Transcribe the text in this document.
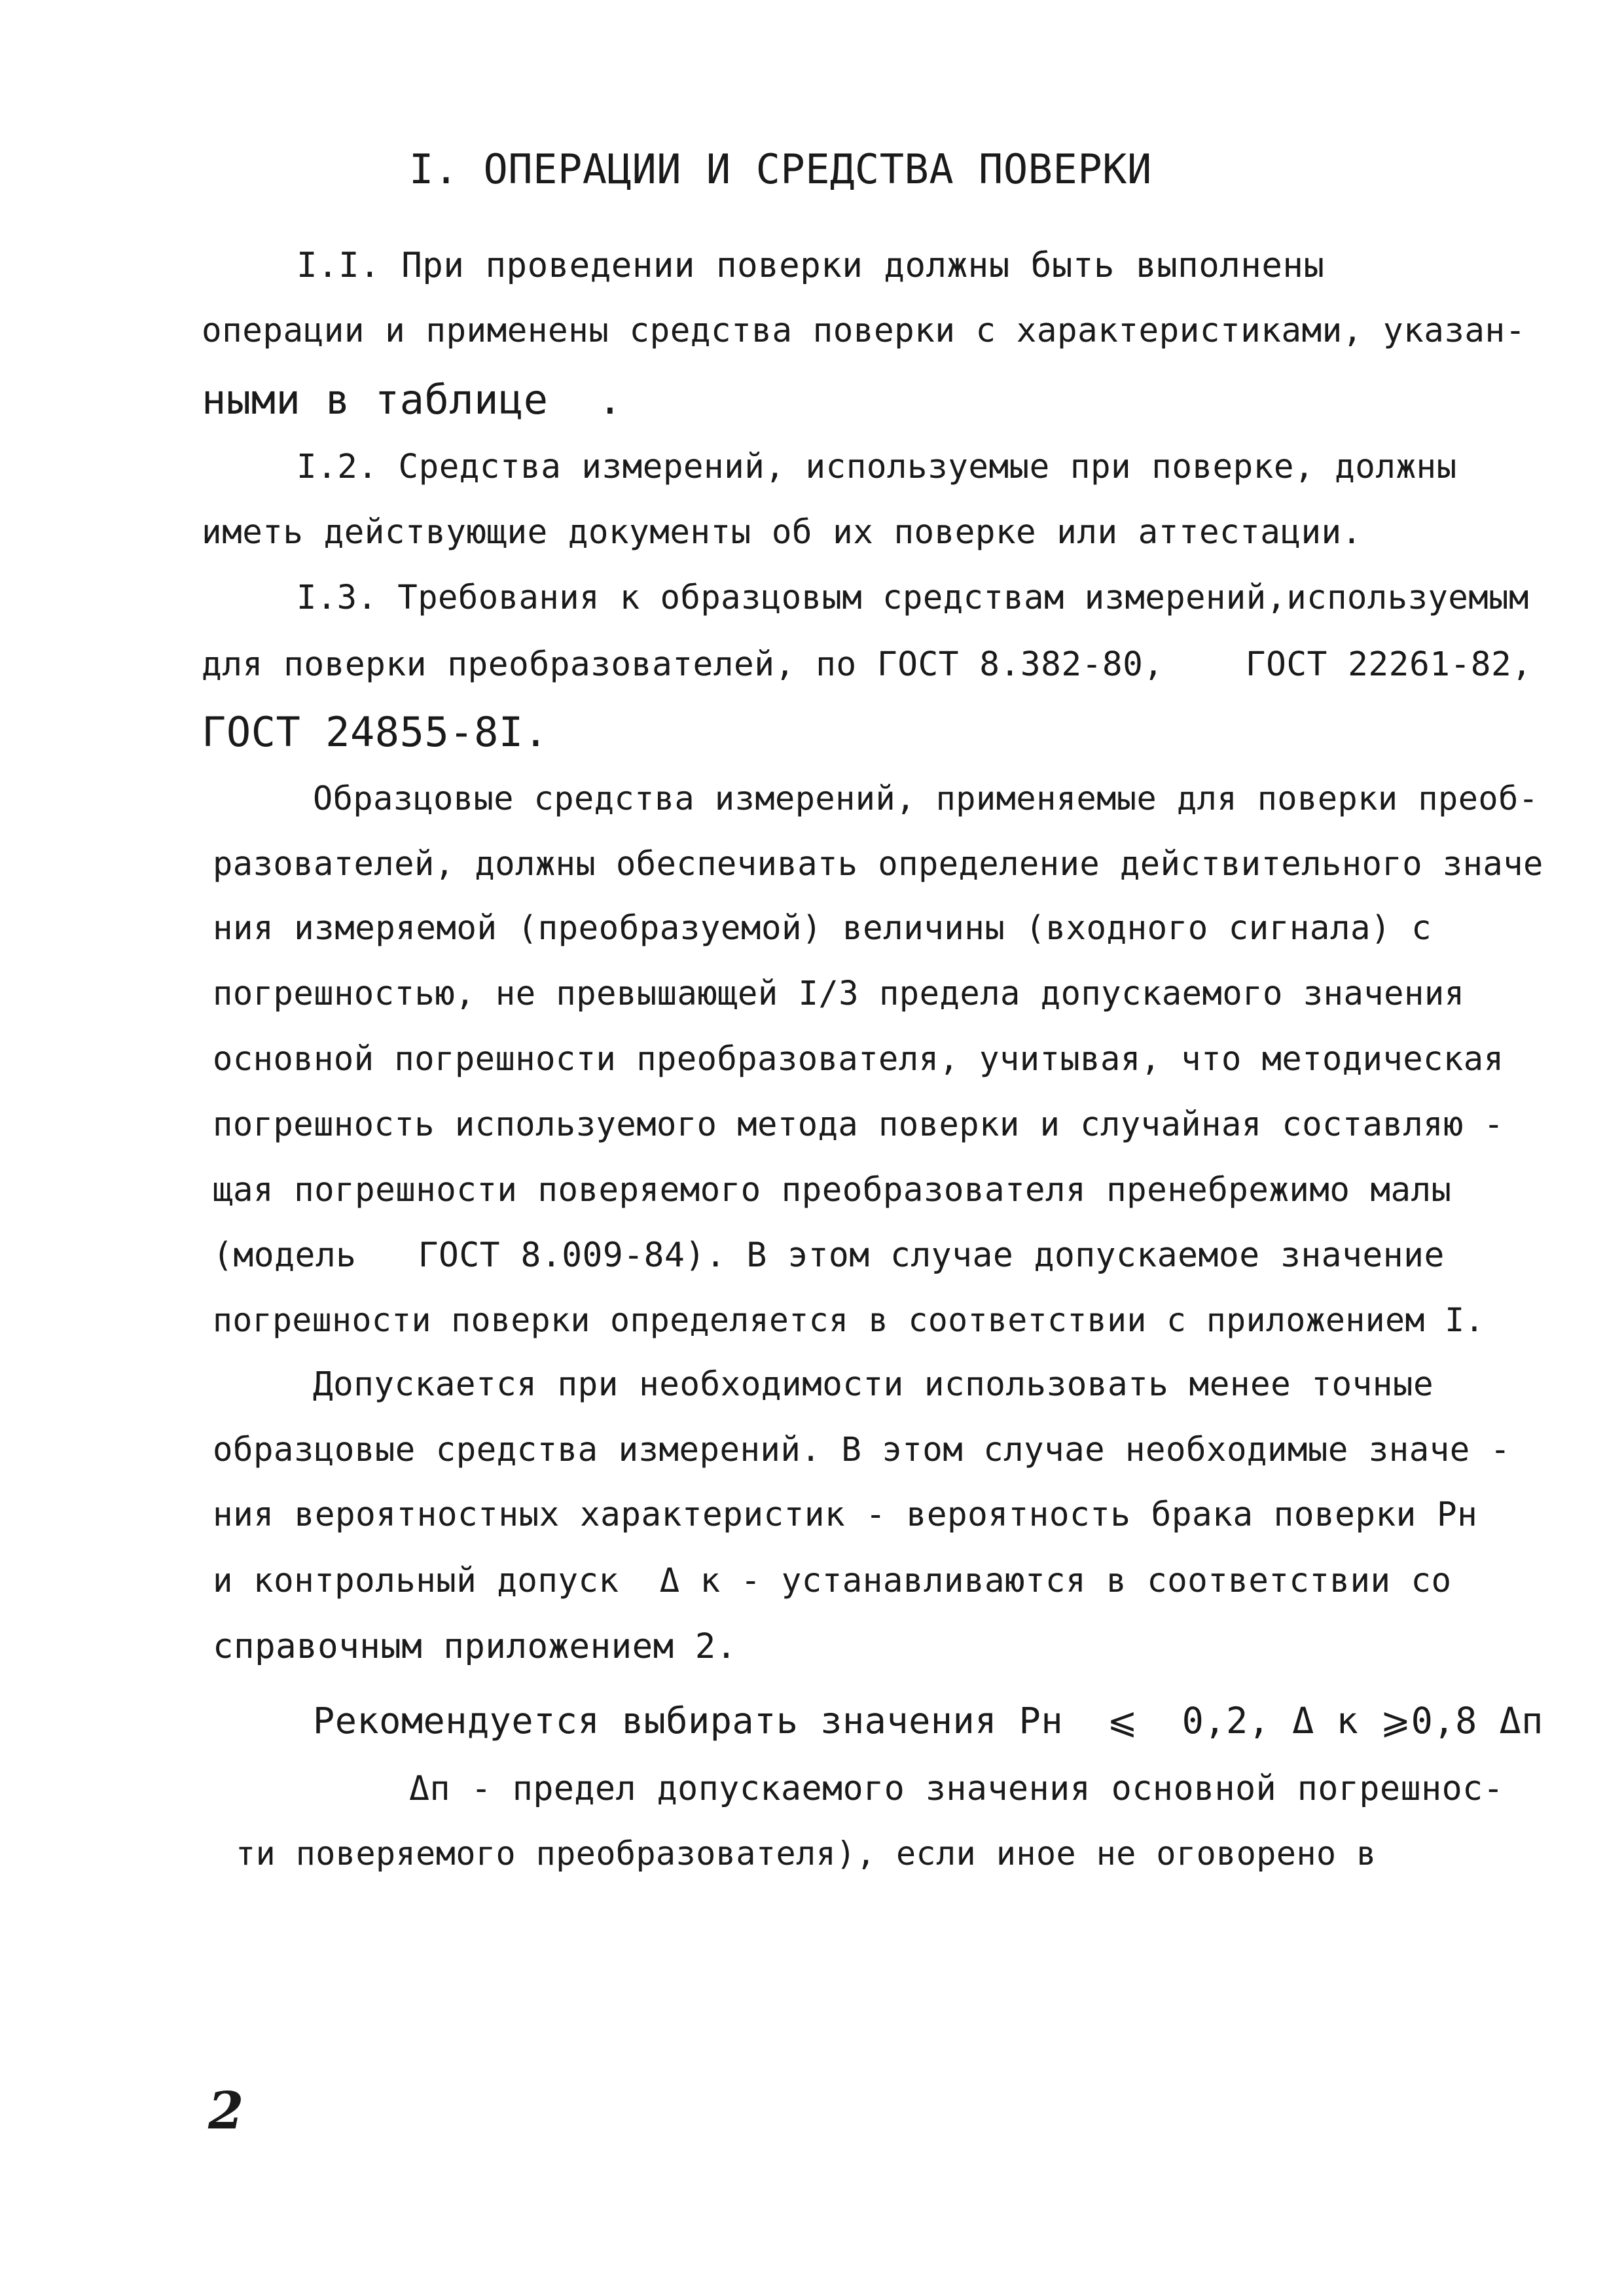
I. ОПЕРАЦИИ И СРЕДСТВА ПОВЕРКИ
I.I. При проведении поверки должны быть выполнены
операции и применены средства поверки с характеристиками, указан-
ными в таблице  .
I.2. Средства измерений, используемые при поверке, должны
иметь действующие документы об их поверке или аттестации.
I.3. Требования к образцовым средствам измерений,используемым
для поверки преобразователей, по ГОСТ 8.382-80,    ГОСТ 22261-82,
ГОСТ 24855-8I.
Образцовые средства измерений, применяемые для поверки преоб-
разователей, должны обеспечивать определение действительного значе
ния измеряемой (преобразуемой) величины (входного сигнала) с
погрешностью, не превышающей I/3 предела допускаемого значения
основной погрешности преобразователя, учитывая, что методическая
погрешность используемого метода поверки и случайная составляю -
щая погрешности поверяемого преобразователя пренебрежимо малы
(модель   ГОСТ 8.009-84). В этом случае допускаемое значение
погрешности поверки определяется в соответствии с приложением I.
Допускается при необходимости использовать менее точные
образцовые средства измерений. В этом случае необходимые значе -
ния вероятностных характеристик - вероятность брака поверки Рн
и контрольный допуск  Δ к - устанавливаются в соответствии со
справочным приложением 2.
Рекомендуется выбирать значения Рн  ⩽  0,2, Δ к ⩾0,8 Δп
Δп - предел допускаемого значения основной погрешнос-
ти поверяемого преобразователя), если иное не оговорено в
2
